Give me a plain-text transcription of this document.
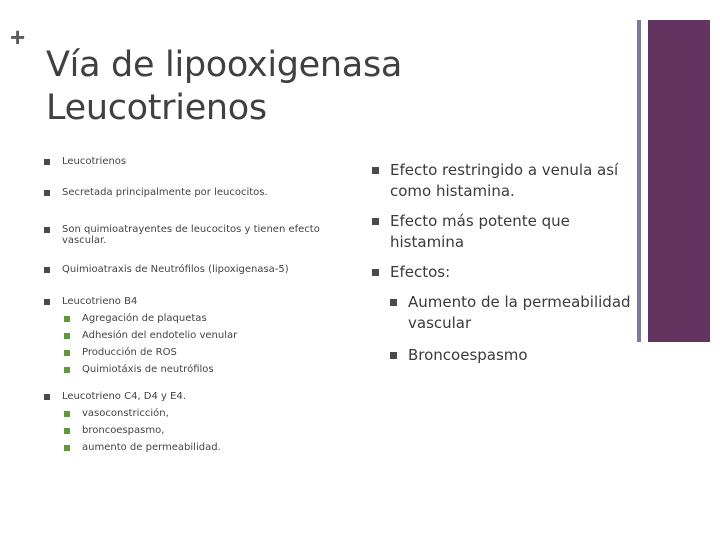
+
Vía de lipooxigenasa
Leucotrienos
Leucotrienos
Secretada principalmente por leucocitos.
Son quimioatrayentes de leucocitos y tienen efecto vascular.
Quimioatraxis de Neutrófilos (lipoxigenasa-5)
Leucotrieno B4
Agregación de plaquetas
Adhesión del endotelio venular
Producción de ROS
Quimiotáxis de neutrófilos
Leucotrieno C4, D4 y E4.
vasoconstricción,
broncoespasmo,
aumento de permeabilidad.
Efecto restringido a venula así como histamina.
Efecto más potente que histamina
Efectos:
Aumento de la permeabilidad vascular
Broncoespasmo
